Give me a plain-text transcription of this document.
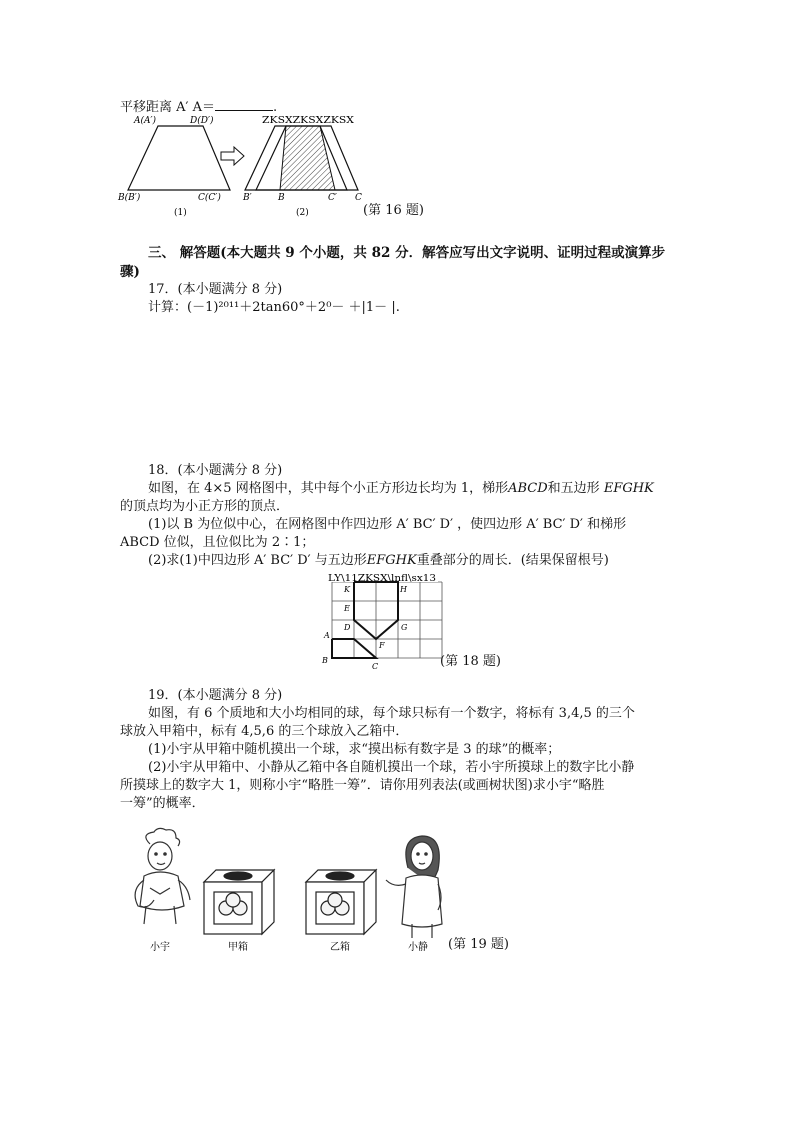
平移距离 A′ A＝	.
A(A′)	D(D′)
B(B′)	C(C′)
(1)
ZKSXZKSXZKSX
B′	B	C′ C
(2)	(第 16 题)
三、 解答题(本大题共 9 个小题，共 82 分．解答应写出文字说明、证明过程或演算步
骤)
17．(本小题满分 8 分)
计算：(－1)²⁰¹¹＋2tan60°＋2⁰－ ＋|1－ |.
18．(本小题满分 8 分)
如图，在 4×5 网格图中，其中每个小正方形边长均为 1，梯形ABCD和五边形 EFGHK
的顶点均为小正方形的顶点．
(1)以 B 为位似中心，在网格图中作四边形 A′ BC′ D′ ，使四边形 A′ BC′ D′ 和梯形
ABCD 位似，且位似比为 2∶1；
(2)求(1)中四边形 A′ BC′ D′ 与五边形EFGHK重叠部分的周长．(结果保留根号)
LY\11ZKSX\lnfl\sx13
K	H
E
D	G
A
F
B
C	(第 18 题)
19．(本小题满分 8 分)
如图，有 6 个质地和大小均相同的球，每个球只标有一个数字，将标有 3,4,5 的三个
球放入甲箱中，标有 4,5,6 的三个球放入乙箱中．
(1)小宇从甲箱中随机摸出一个球，求“摸出标有数字是 3 的球”的概率；
(2)小宇从甲箱中、小静从乙箱中各自随机摸出一个球，若小宇所摸球上的数字比小静
所摸球上的数字大 1，则称小宇“略胜一筹”．请你用列表法(或画树状图)求小宇“略胜
一筹”的概率．
小宇	甲箱	乙箱	小静 (第 19 题)
